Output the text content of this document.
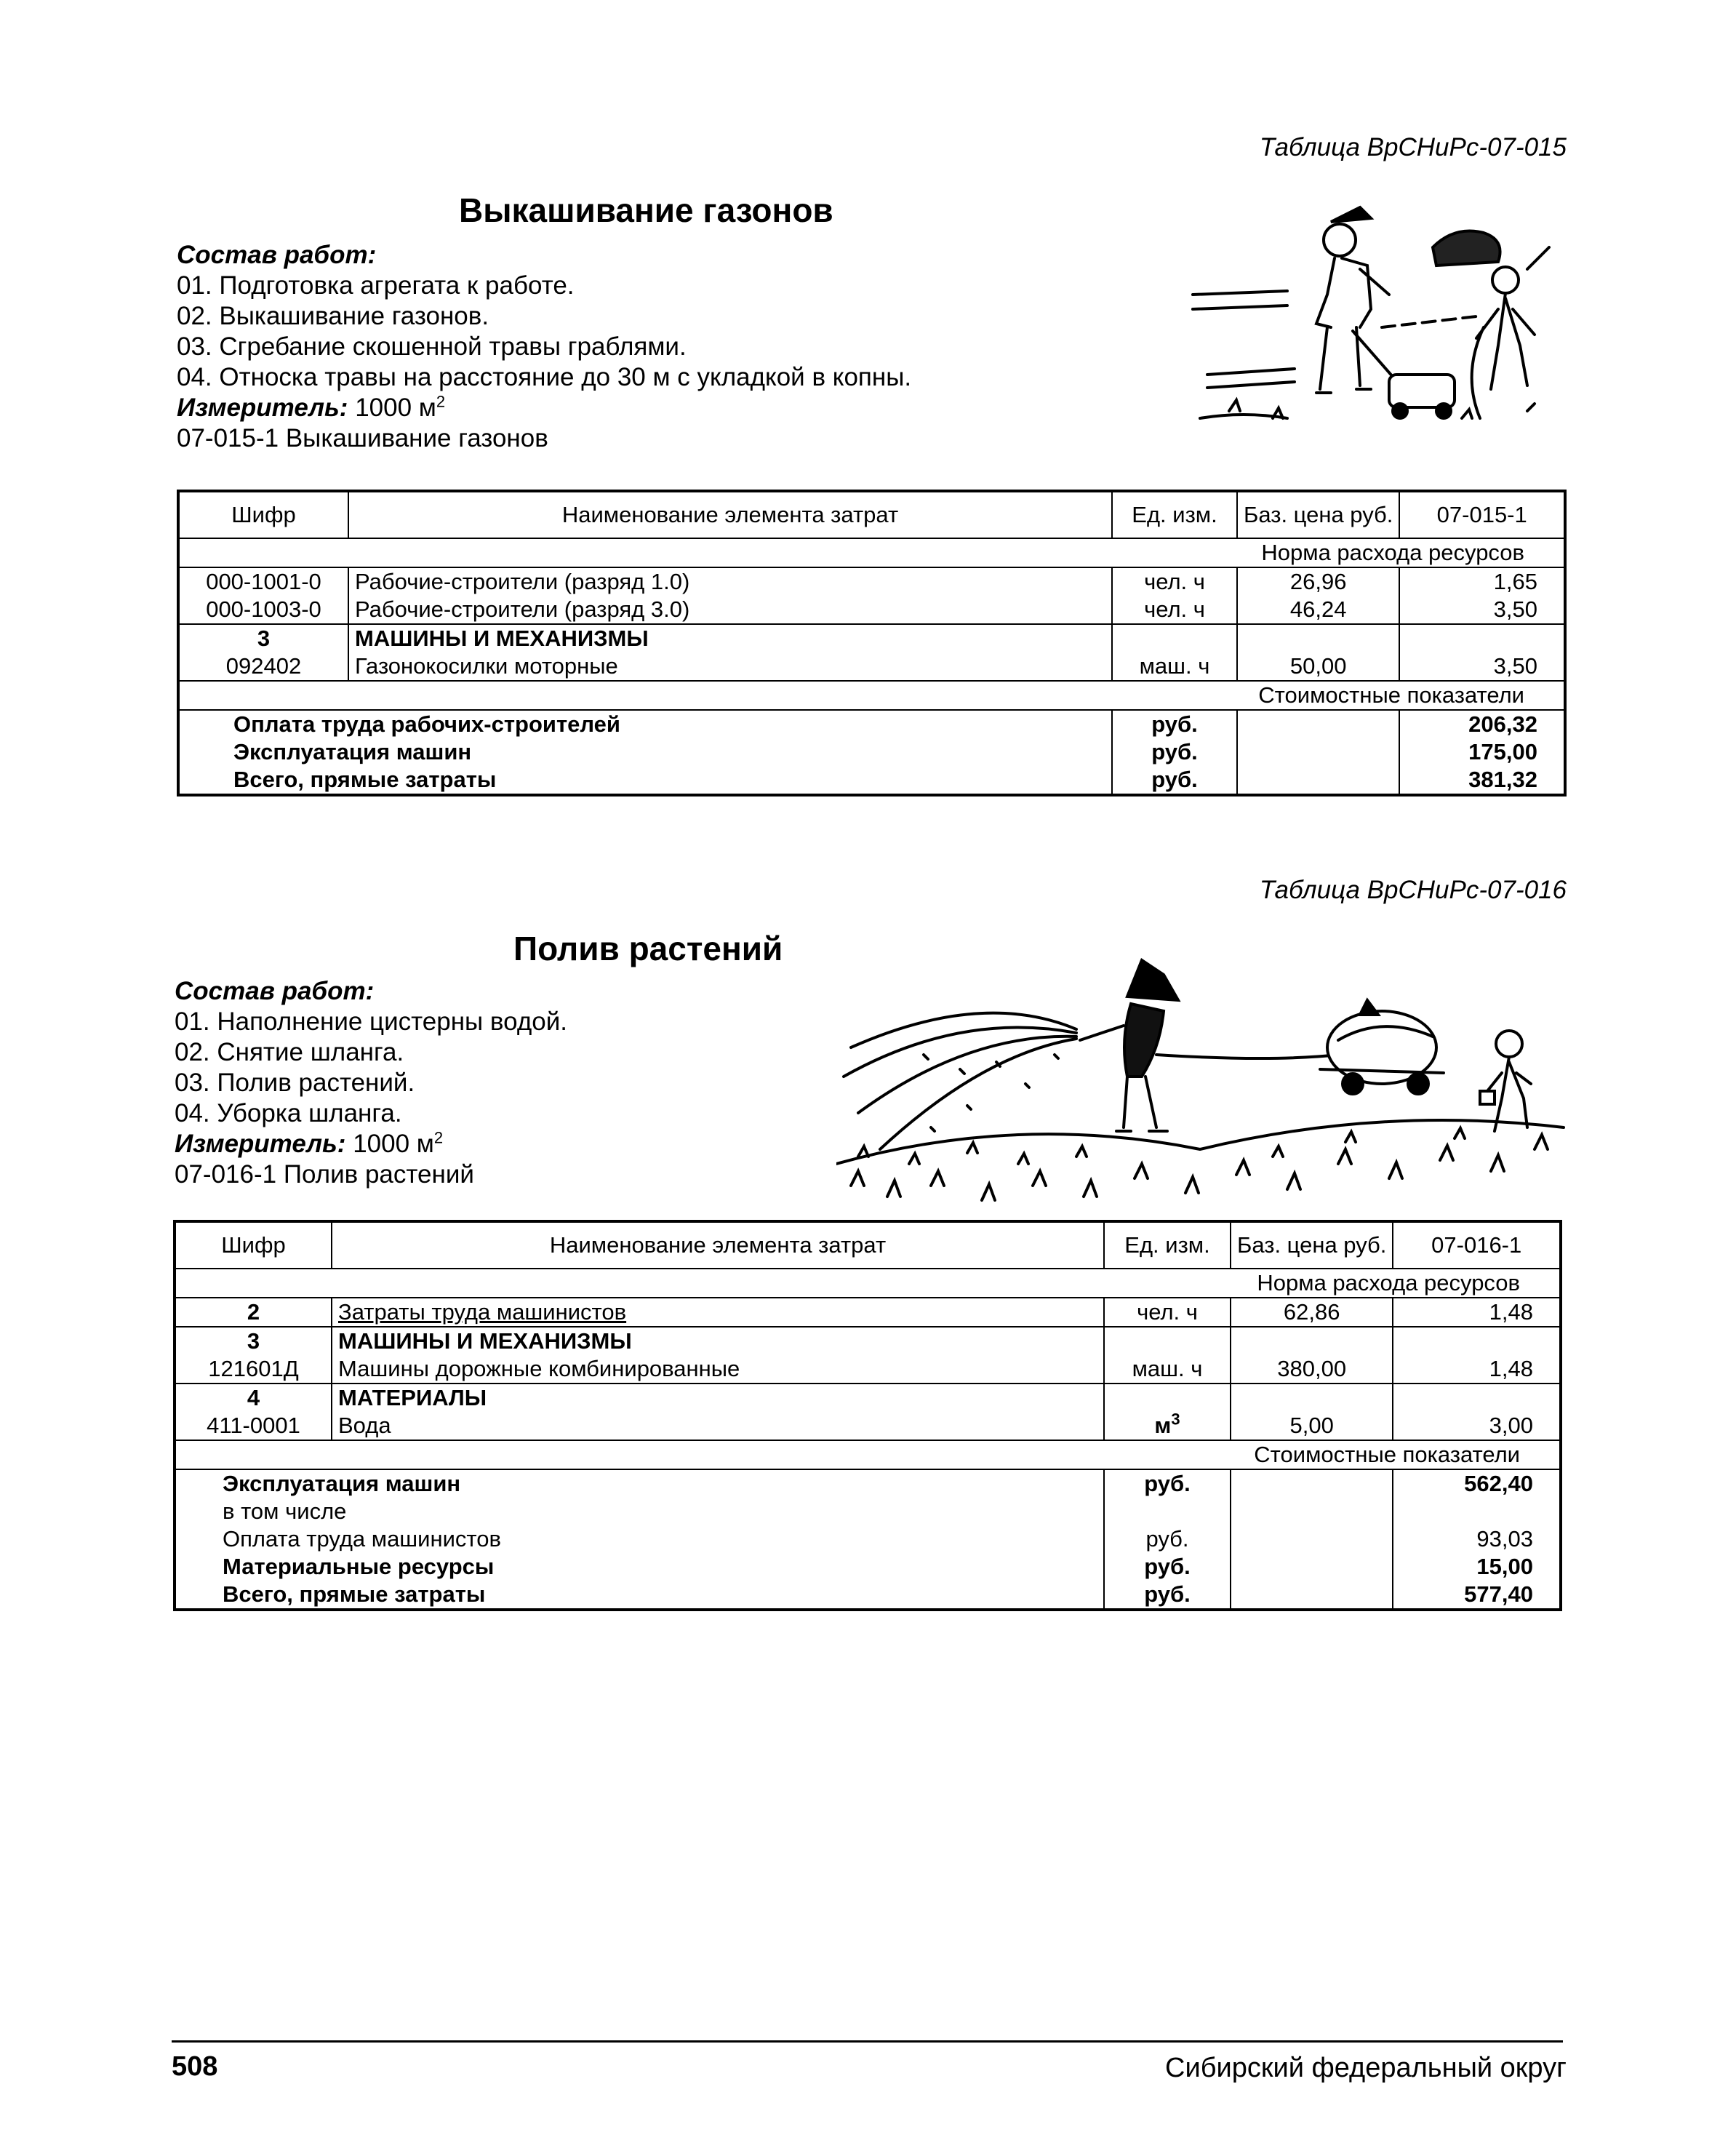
Таблица ВрСНиРс-07-015
Выкашивание газонов
Состав работ:
01. Подготовка агрегата к работе.
02. Выкашивание газонов.
03. Сгребание скошенной травы граблями.
04. Относка травы на расстояние до 30 м с укладкой в копны.
Измеритель: 1000 $м^2$
07-015-1 Выкашивание газонов
Шифр	Наименование элемента затрат	Ед. изм.	Баз. цена руб.	07-015-1
Норма расхода ресурсов				
000-1001-0	Рабочие-строители (разряд 1.0)	чел. ч	26,96	1,65
000-1003-0	Рабочие-строители (разряд 3.0)	чел. ч	46,24	3,50
3	МАШИНЫ И МЕХАНИЗМЫ			
092402	Газонокосилки моторные	маш. ч	50,00	3,50
Стоимостные показатели				
Оплата труда рабочих-строителей		руб.		206,32
Эксплуатация машин		руб.		175,00
Всего, прямые затраты		руб.		381,32
Таблица ВрСНиРс-07-016
Полив растений
Состав работ:
01. Наполнение цистерны водой.
02. Снятие шланга.
03. Полив растений.
04. Уборка шланга.
Измеритель: 1000 $м^2$
07-016-1 Полив растений
Шифр	Наименование элемента затрат	Ед. изм.	Баз. цена руб.	07-016-1
Норма расхода ресурсов				
2	Затраты труда машинистов	чел. ч	62,86	1,48
3	МАШИНЫ И МЕХАНИЗМЫ			
121601Д	Машины дорожные комбинированные	маш. ч	380,00	1,48
4	МАТЕРИАЛЫ			
411-0001	Вода	$м^3$	5,00	3,00
Стоимостные показатели				
Эксплуатация машин		руб.		562,40
в том числе				
Оплата труда машинистов		руб.		93,03
Материальные ресурсы		руб.		15,00
Всего, прямые затраты		руб.		577,40
508	Сибирский федеральный округ
